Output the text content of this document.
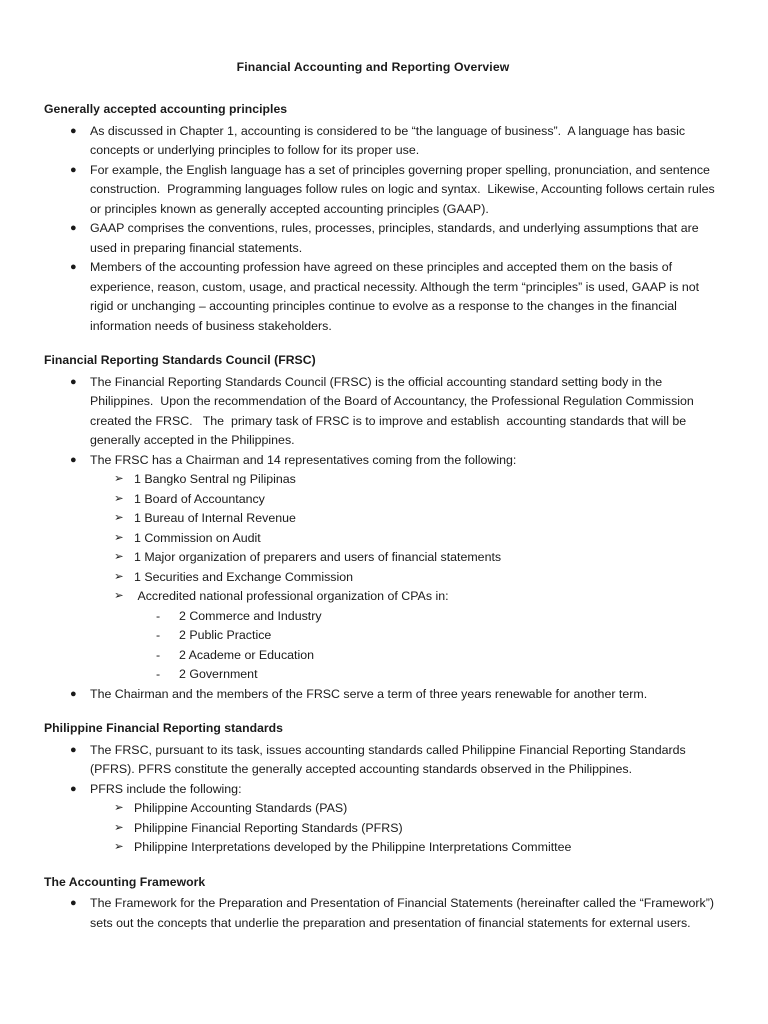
Financial Accounting and Reporting Overview
Generally accepted accounting principles
● As discussed in Chapter 1, accounting is considered to be “the language of business”.  A language has basic concepts or underlying principles to follow for its proper use.
● For example, the English language has a set of principles governing proper spelling, pronunciation, and sentence construction.  Programming languages follow rules on logic and syntax.  Likewise, Accounting follows certain rules or principles known as generally accepted accounting principles (GAAP).
● GAAP comprises the conventions, rules, processes, principles, standards, and underlying assumptions that are used in preparing financial statements.
● Members of the accounting profession have agreed on these principles and accepted them on the basis of experience, reason, custom, usage, and practical necessity. Although the term “principles” is used, GAAP is not rigid or unchanging – accounting principles continue to evolve as a response to the changes in the financial information needs of business stakeholders.
Financial Reporting Standards Council (FRSC)
● The Financial Reporting Standards Council (FRSC) is the official accounting standard setting body in the Philippines.  Upon the recommendation of the Board of Accountancy, the Professional Regulation Commission created the FRSC.   The  primary task of FRSC is to improve and establish  accounting standards that will be generally accepted in the Philippines.
● The FRSC has a Chairman and 14 representatives coming from the following:
➢ 1 Bangko Sentral ng Pilipinas
➢ 1 Board of Accountancy
➢ 1 Bureau of Internal Revenue
➢ 1 Commission on Audit
➢ 1 Major organization of preparers and users of financial statements
➢ 1 Securities and Exchange Commission
➢ Accredited national professional organization of CPAs in:
- 2 Commerce and Industry
- 2 Public Practice
- 2 Academe or Education
- 2 Government
● The Chairman and the members of the FRSC serve a term of three years renewable for another term.
Philippine Financial Reporting standards
● The FRSC, pursuant to its task, issues accounting standards called Philippine Financial Reporting Standards (PFRS). PFRS constitute the generally accepted accounting standards observed in the Philippines.
● PFRS include the following:
➢ Philippine Accounting Standards (PAS)
➢ Philippine Financial Reporting Standards (PFRS)
➢ Philippine Interpretations developed by the Philippine Interpretations Committee
The Accounting Framework
● The Framework for the Preparation and Presentation of Financial Statements (hereinafter called the “Framework”) sets out the concepts that underlie the preparation and presentation of financial statements for external users.
